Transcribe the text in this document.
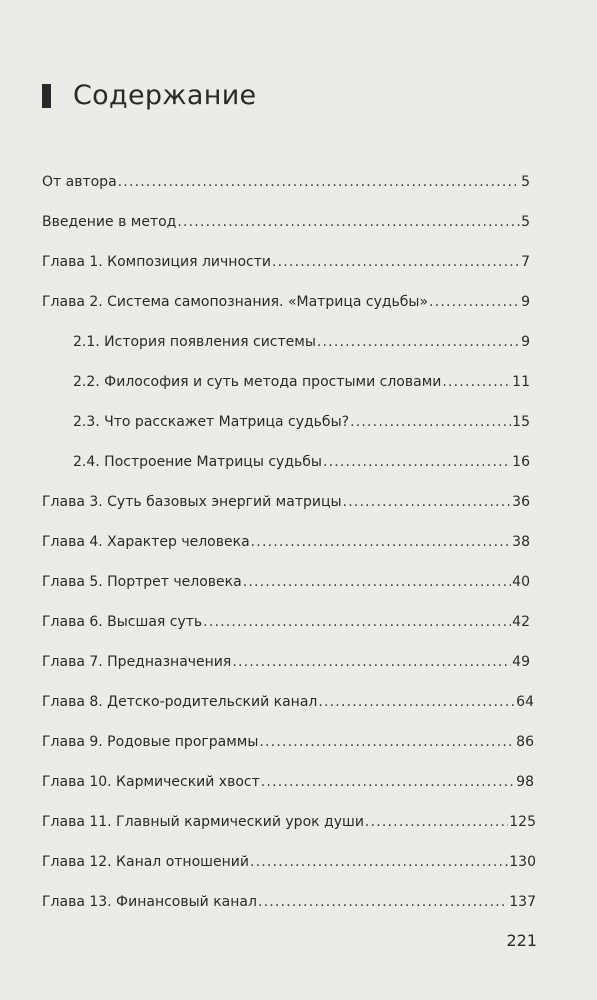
Содержание
От автора .....	5
Введение в метод .....	5
Глава 1. Композиция личности .....	7
Глава 2. Система самопознания. «Матрица судьбы» .....	9
2.1. История появления системы .....	9
2.2. Философия и суть метода простыми словами .....	11
2.3. Что расскажет Матрица судьбы? .....	15
2.4. Построение Матрицы судьбы .....	16
Глава 3. Суть базовых энергий матрицы .....	36
Глава 4. Характер человека .....	38
Глава 5. Портрет человека .....	40
Глава 6. Высшая суть .....	42
Глава 7. Предназначения .....	49
Глава 8. Детско-родительский канал .....	64
Глава 9. Родовые программы .....	86
Глава 10. Кармический хвост .....	98
Глава 11. Главный кармический урок души .....	125
Глава 12. Канал отношений .....	130
Глава 13. Финансовый канал .....	137
221
